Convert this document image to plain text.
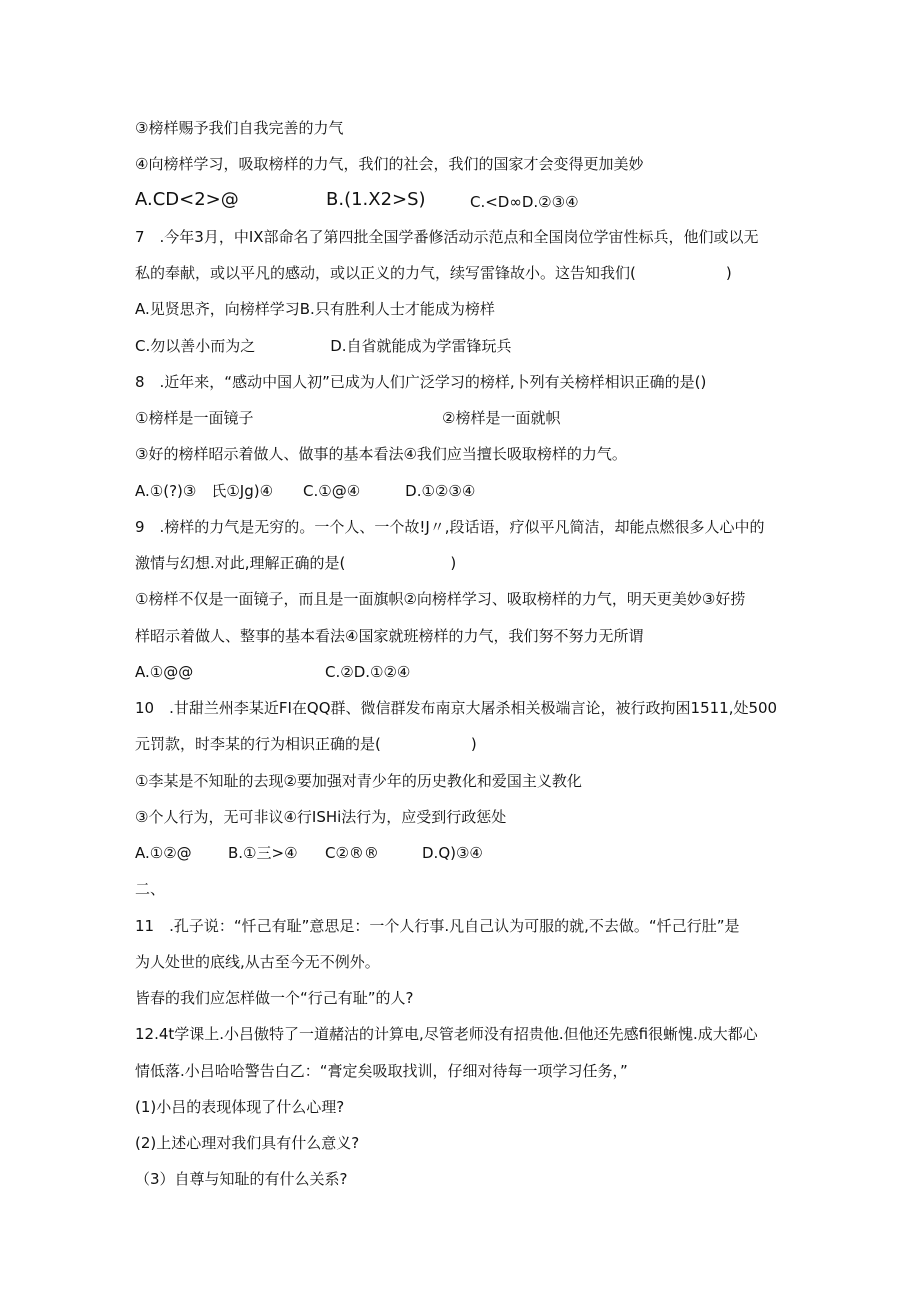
③榜样赐予我们自我完善的力气
④向榜样学习，吸取榜样的力气，我们的社会，我们的国家才会变得更加美妙
A.CD<2>@	B.(1.X2>S)	C.<D∞D.②③④
7　.今年3月，中IX部命名了第四批全国学番修活动示范点和全国岗位学宙性标兵，他们或以无
私的奉献，或以平凡的感动，或以正义的力气，续写雷锋故小。这告知我们(　　　　　　)
A.见贤思齐，向榜样学习B.只有胜利人士才能成为榜样
C.勿以善小而为之　　　　　D.自省就能成为学雷锋玩兵
8　.近年来，“感动中国人初”已成为人们广泛学习的榜样,卜列有关榜样相识正确的是()
①榜样是一面镜子	②榜样是一面就帜
③好的榜样昭示着做人、做事的基本看法④我们应当擅长吸取榜样的力气。
A.①(?)③　氏①Jg)④　　C.①@④　　　D.①②③④
9　.榜样的力气是无穷的。一个人、一个故!J〃,段话语，疗似平凡简洁，却能点燃很多人心中的
激情与幻想.对此,理解正确的是(　　　　　　　)
①榜样不仅是一面镜子，而且是一面旗帜②向榜样学习、吸取榜样的力气，明天更美妙③好捞
样昭示着做人、整事的基本看法④国家就班榜样的力气，我们努不努力无所谓
A.①@@	C.②D.①②④
10　.甘甜兰州李某近FI在QQ群、微信群发布南京大屠杀相关极端言论，被行政拘困1511,处500
元罚款，时李某的行为相识正确的是(　　　　　　)
①李某是不知耻的去现②要加强对青少年的历史教化和爱国主义教化
③个人行为，无可非议④行ISHi法行为，应受到行政惩处
A.①②@ B.①三>④ C②®®	D.Q)③④
二、
11　.孔子说：“忏己有耻”意思足：一个人行事.凡自己认为可服的就,不去做。“忏己行肚”是
为人处世的底线,从古至今无不例外。
皆春的我们应怎样做一个“行己有耻”的人?
12.4t学课上.小吕傲特了一道赭沽的计算电,尽管老师没有招贵他.但他还先感fi很蜥愧.成大都心
情低落.小吕哈哈警告白乙：“膏定矣吸取找训，仔细对待每一项学习任务，”
(1)小吕的表现体现了什么心理?
(2)上述心理对我们具有什么意义?
（3）自尊与知耻的有什么关系?
